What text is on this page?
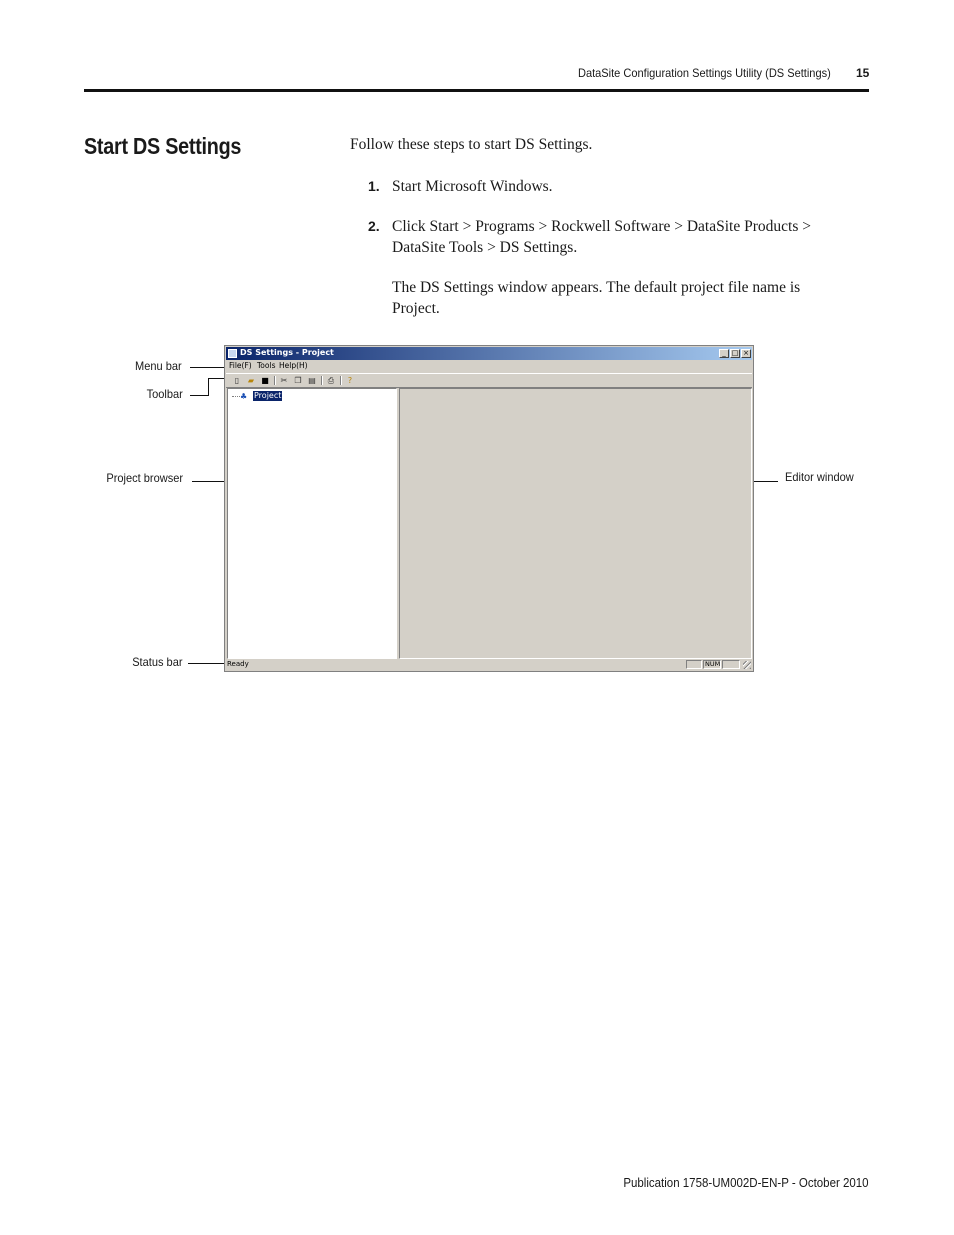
DataSite Configuration Settings Utility (DS Settings) 15
Start DS Settings	Follow these steps to start DS Settings.
1. Start Microsoft Windows.
2. Click Start > Programs > Rockwell Software > DataSite Products > DataSite Tools > DS Settings.
The DS Settings window appears. The default project file name is Project.
Menu bar
Toolbar
Project browser
Status bar
Editor window
DS Settings - Project	_ □ ×
File(F) Tools Help(H)
▯	▰ ■ ✂ ❐ ▤ ⎙	?
♣ Project
Ready	NUM
Publication 1758-UM002D-EN-P - October 2010
